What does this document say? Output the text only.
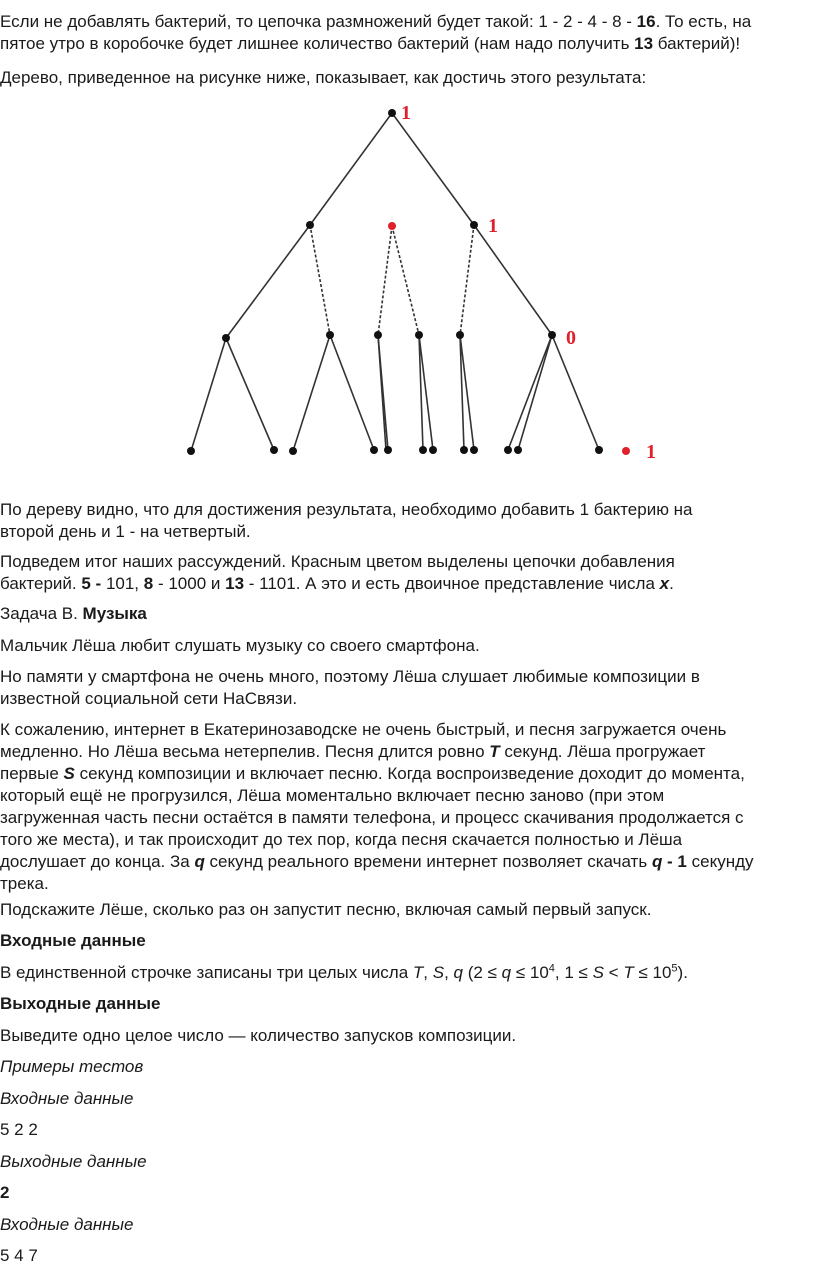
Если не добавлять бактерий, то цепочка размножений будет такой: 1 - 2 - 4 - 8 - 16. То есть, на
пятое утро в коробочке будет лишнее количество бактерий (нам надо получить 13 бактерий)!

Дерево, приведенное на рисунке ниже, показывает, как достичь этого результата:

1
1
0
1

По дереву видно, что для достижения результата, необходимо добавить 1 бактерию на
второй день и 1 - на четвертый.

Подведем итог наших рассуждений. Красным цветом выделены цепочки добавления
бактерий. 5 - 101, 8 - 1000 и 13 - 1101. А это и есть двоичное представление числа x.

Задача В. Музыка

Мальчик Лёша любит слушать музыку со своего смартфона.

Но памяти у смартфона не очень много, поэтому Лёша слушает любимые композиции в
известной социальной сети НаСвязи.

К сожалению, интернет в Екатеринозаводске не очень быстрый, и песня загружается очень
медленно. Но Лёша весьма нетерпелив. Песня длится ровно T секунд. Лёша прогружает
первые S секунд композиции и включает песню. Когда воспроизведение доходит до момента,
который ещё не прогрузился, Лёша моментально включает песню заново (при этом
загруженная часть песни остаётся в памяти телефона, и процесс скачивания продолжается с
того же места), и так происходит до тех пор, когда песня скачается полностью и Лёша
дослушает до конца. За q секунд реального времени интернет позволяет скачать q - 1 секунду
трека.

Подскажите Лёше, сколько раз он запустит песню, включая самый первый запуск.

Входные данные

В единственной строчке записаны три целых числа T, S, q ($2 \le q \le 10^4$, $1 \le S < T \le 10^5$).

Выходные данные

Выведите одно целое число — количество запусков композиции.

Примеры тестов

Входные данные

5 2 2

Выходные данные

2

Входные данные

5 4 7
